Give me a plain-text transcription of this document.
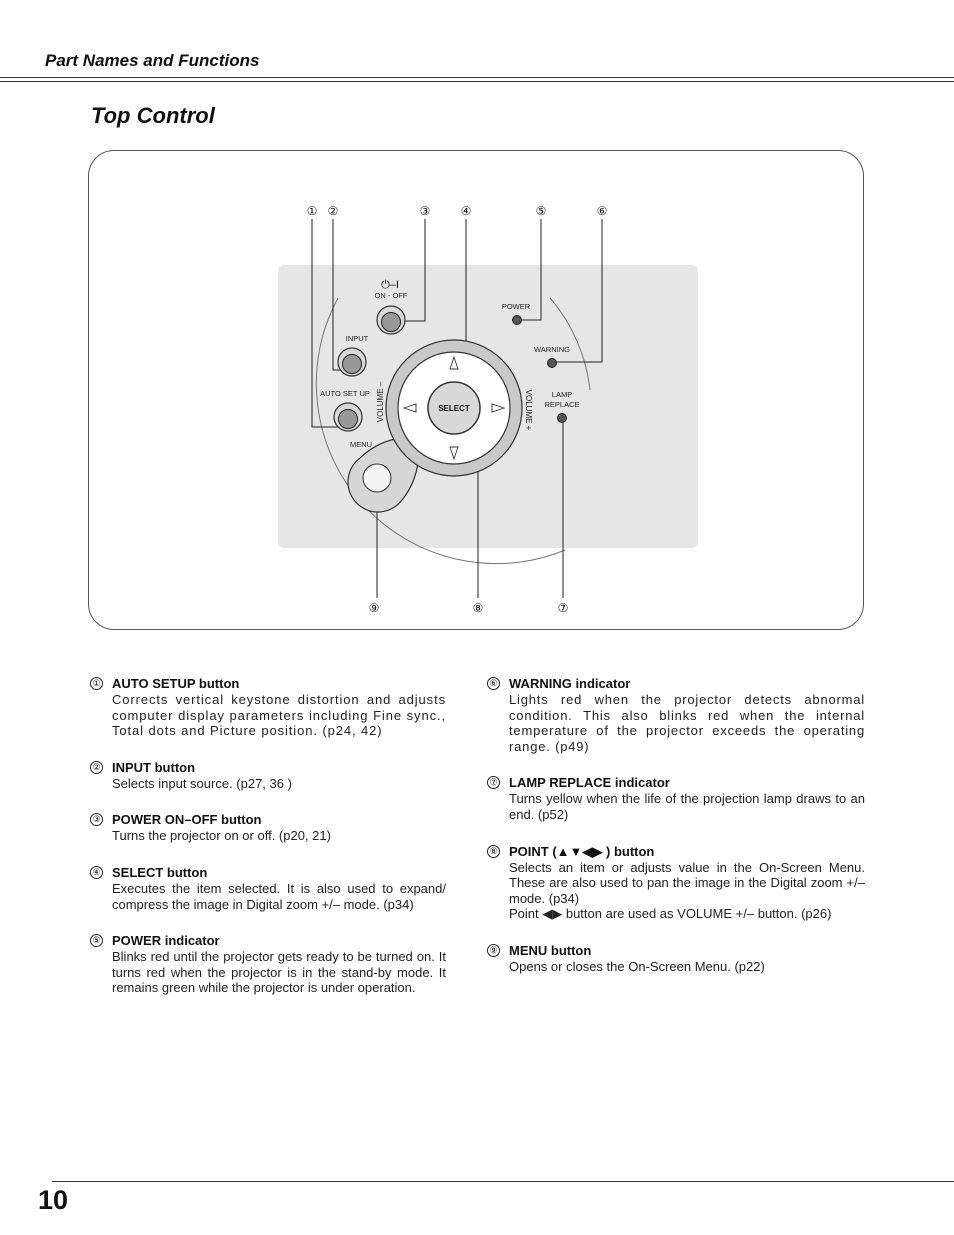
Part Names and Functions
Top Control
① ②	③	④	⑤	⑥
⑨	⑧	⑦
SELECT
VOLUME –	VOLUME +
⏻–I
ON - OFF
INPUT
AUTO SET UP
MENU
POWER
WARNING
LAMP
REPLACE
① AUTO SETUP button
Corrects vertical keystone distortion and adjusts computer display parameters including Fine sync., Total dots and Picture position. (p24, 42)
② INPUT button
Selects input source. (p27, 36 )
③ POWER ON–OFF button
Turns the projector on or off. (p20, 21)
④ SELECT button
Executes the item selected. It is also used to expand/ compress the image in Digital zoom +/– mode. (p34)
⑤ POWER indicator
Blinks red until the projector gets ready to be turned on. It turns red when the projector is in the stand-by mode. It remains green while the projector is under operation.
⑥ WARNING indicator
Lights red when the projector detects abnormal condition. This also blinks red when the internal temperature of the projector exceeds the operating range. (p49)
⑦ LAMP REPLACE indicator
Turns yellow when the life of the projection lamp draws to an end. (p52)
⑧ POINT (▲▼◀▶ ) button
Selects an item or adjusts value in the On-Screen Menu. These are also used to pan the image in the Digital zoom +/– mode. (p34)
Point ◀▶ button are used as VOLUME +/– button. (p26)
⑨ MENU button
Opens or closes the On-Screen Menu. (p22)
10
